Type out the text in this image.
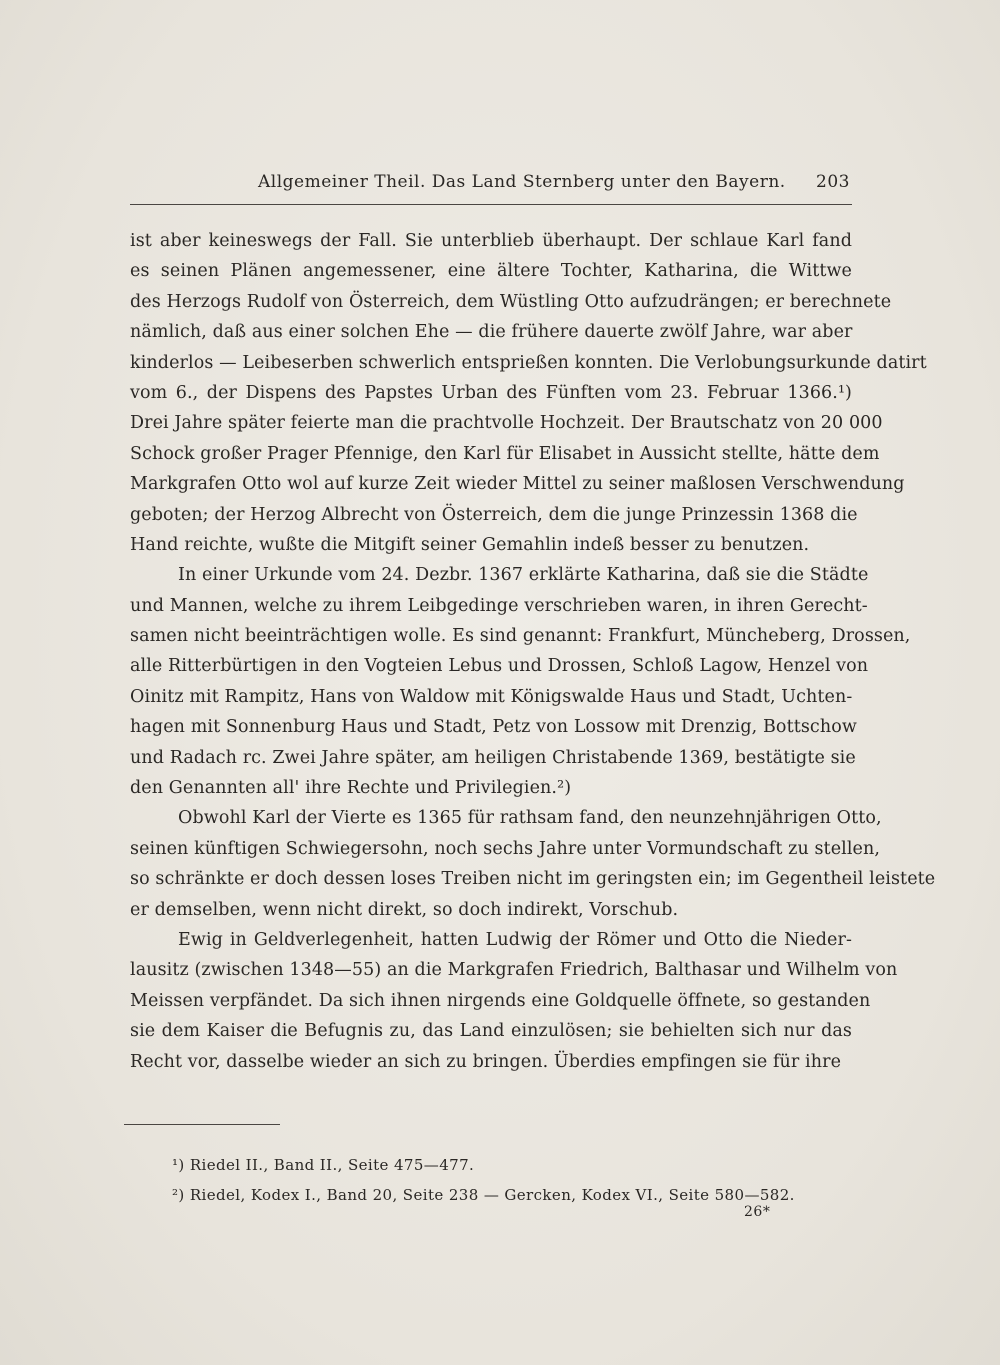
Allgemeiner Theil. Das Land Sternberg unter den Bayern. 203
ist aber keineswegs der Fall. Sie unterblieb überhaupt. Der schlaue Karl fand
es seinen Plänen angemessener, eine ältere Tochter, Katharina, die Wittwe
des Herzogs Rudolf von Österreich, dem Wüstling Otto aufzudrängen; er berechnete
nämlich, daß aus einer solchen Ehe — die frühere dauerte zwölf Jahre, war aber
kinderlos — Leibeserben schwerlich entsprießen konnten. Die Verlobungsurkunde datirt
vom 6., der Dispens des Papstes Urban des Fünften vom 23. Februar 1366.¹)
Drei Jahre später feierte man die prachtvolle Hochzeit. Der Brautschatz von 20 000
Schock großer Prager Pfennige, den Karl für Elisabet in Aussicht stellte, hätte dem
Markgrafen Otto wol auf kurze Zeit wieder Mittel zu seiner maßlosen Verschwendung
geboten; der Herzog Albrecht von Österreich, dem die junge Prinzessin 1368 die
Hand reichte, wußte die Mitgift seiner Gemahlin indeß besser zu benutzen.
In einer Urkunde vom 24. Dezbr. 1367 erklärte Katharina, daß sie die Städte
und Mannen, welche zu ihrem Leibgedinge verschrieben waren, in ihren Gerecht-
samen nicht beeinträchtigen wolle. Es sind genannt: Frankfurt, Müncheberg, Drossen,
alle Ritterbürtigen in den Vogteien Lebus und Drossen, Schloß Lagow, Henzel von
Oinitz mit Rampitz, Hans von Waldow mit Königswalde Haus und Stadt, Uchten-
hagen mit Sonnenburg Haus und Stadt, Petz von Lossow mit Drenzig, Bottschow
und Radach rc. Zwei Jahre später, am heiligen Christabende 1369, bestätigte sie
den Genannten all' ihre Rechte und Privilegien.²)
Obwohl Karl der Vierte es 1365 für rathsam fand, den neunzehnjährigen Otto,
seinen künftigen Schwiegersohn, noch sechs Jahre unter Vormundschaft zu stellen,
so schränkte er doch dessen loses Treiben nicht im geringsten ein; im Gegentheil leistete
er demselben, wenn nicht direkt, so doch indirekt, Vorschub.
Ewig in Geldverlegenheit, hatten Ludwig der Römer und Otto die Nieder-
lausitz (zwischen 1348—55) an die Markgrafen Friedrich, Balthasar und Wilhelm von
Meissen verpfändet. Da sich ihnen nirgends eine Goldquelle öffnete, so gestanden
sie dem Kaiser die Befugnis zu, das Land einzulösen; sie behielten sich nur das
Recht vor, dasselbe wieder an sich zu bringen. Überdies empfingen sie für ihre
¹) Riedel II., Band II., Seite 475—477.
²) Riedel, Kodex I., Band 20, Seite 238 — Gercken, Kodex VI., Seite 580—582.
26*
